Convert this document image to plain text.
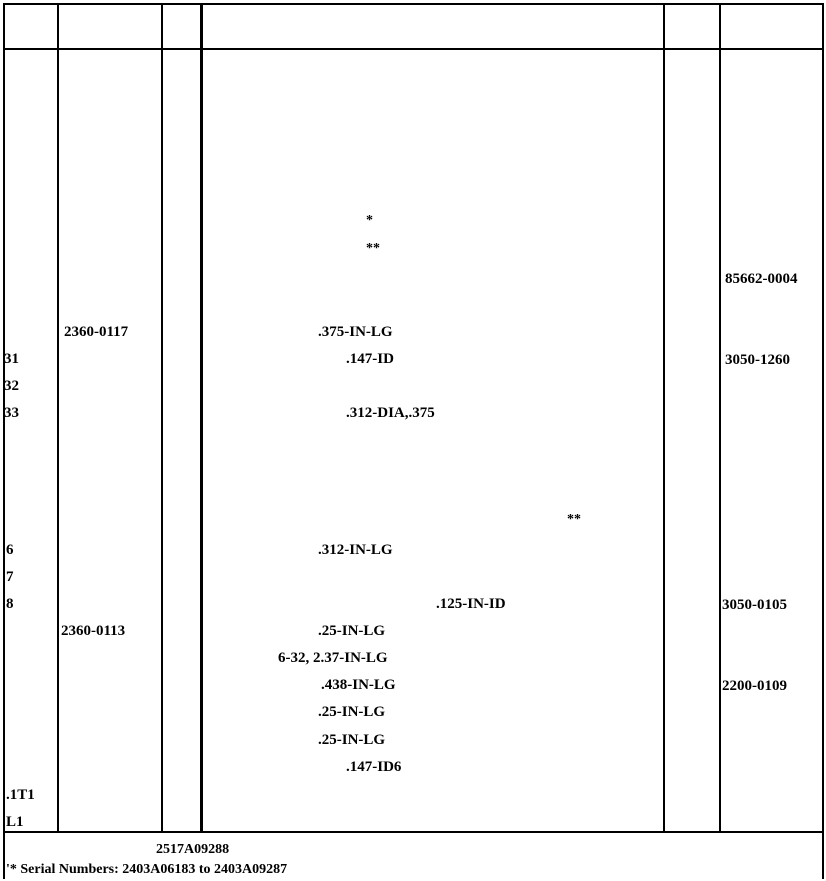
*
**
**
31
32
33
6
7
8
.1T1
L1
2360-0117
2360-0113
.375-IN-LG
.147-ID
.312-DIA,.375
.312-IN-LG
.125-IN-ID
.25-IN-LG
6-32, 2.37-IN-LG
.438-IN-LG
.25-IN-LG
.25-IN-LG
.147-ID6
85662-0004
3050-1260
3050-0105
2200-0109
2517A09288
'* Serial Numbers: 2403A06183 to 2403A09287
